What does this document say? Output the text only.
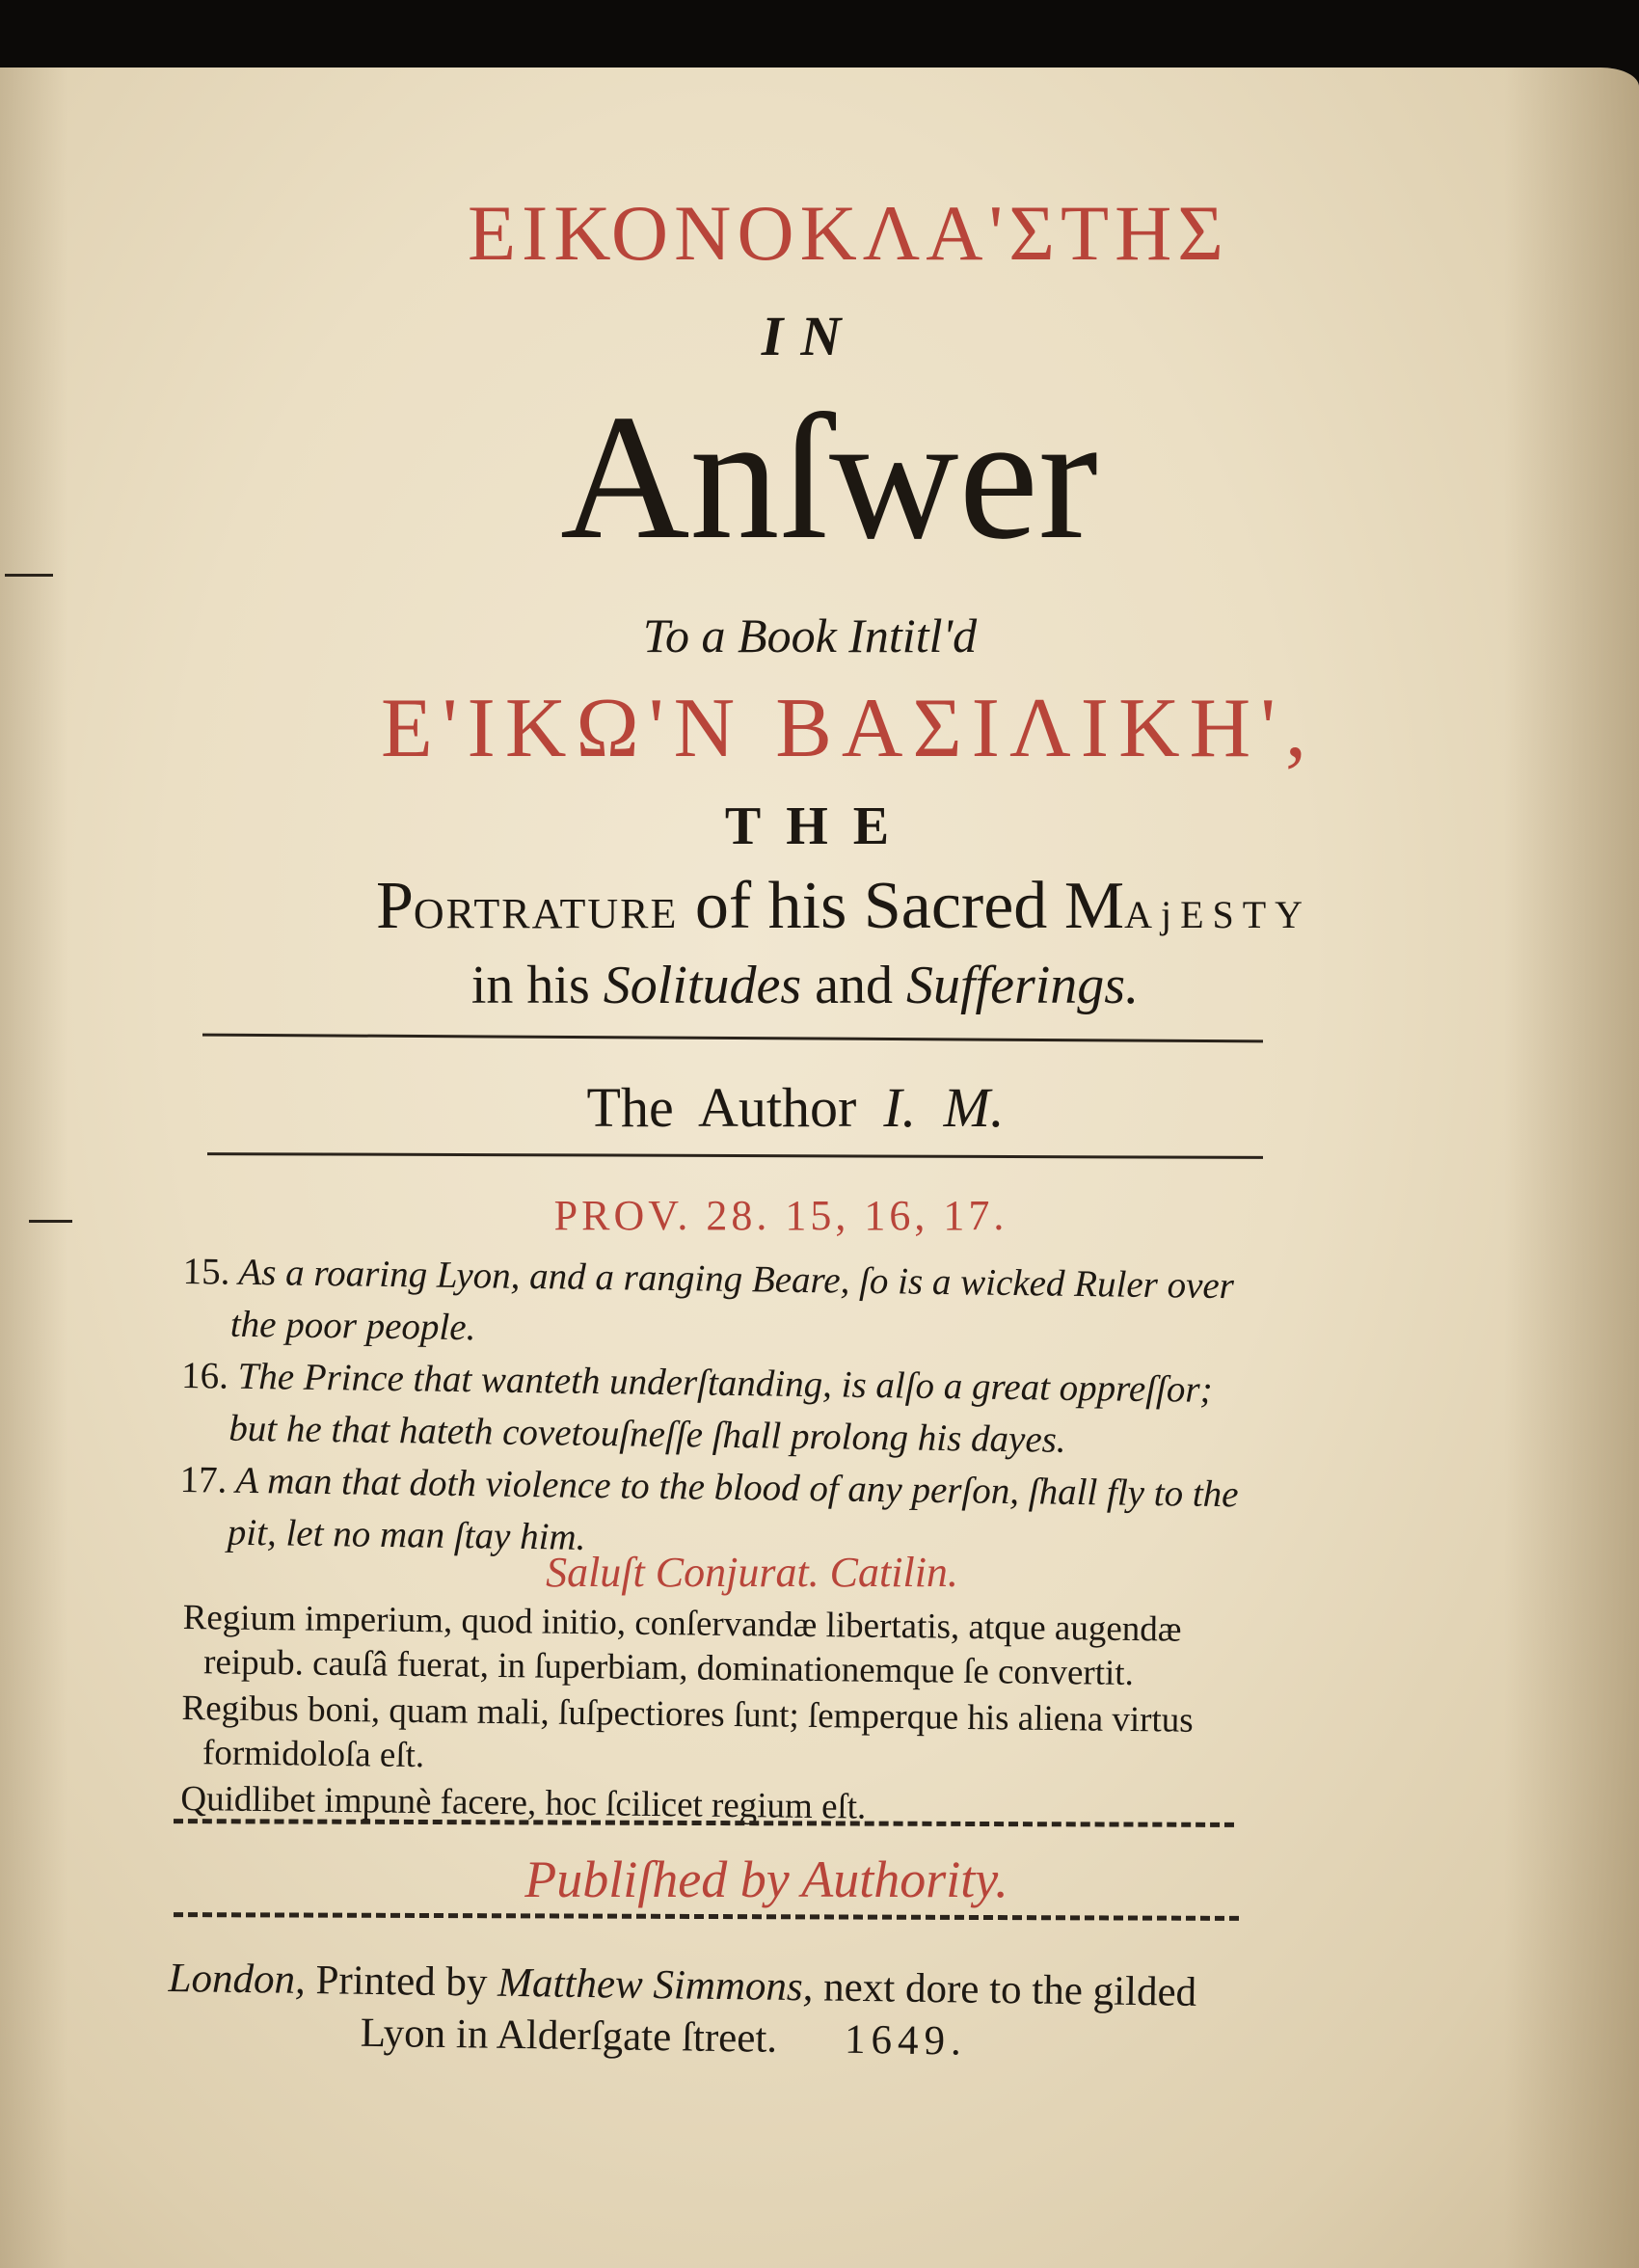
ΕΙΚΟΝΟΚΛΑ'ΣΤΗΣ
IN
Anſwer
To a Book Intitl'd
Ε'ΙΚΩ'Ν ΒΑΣΙΛΙΚΗ',
THE
PORTRATURE of his Sacred MAjESTY
in his Solitudes and Sufferings.
The Author I. M.
PROV. 28. 15, 16, 17.

15. As a roaring Lyon, and a ranging Beare, ſo is a wicked Ruler over the poor people.

16. The Prince that wanteth underſtanding, is alſo a great oppreſſor; but he that hateth covetouſneſſe ſhall prolong his dayes.

17. A man that doth violence to the blood of any perſon, ſhall fly to the pit, let no man ſtay him.

Saluſt Conjurat. Catilin.

Regium imperium, quod initio, conſervandæ libertatis, atque augendæ reipub. cauſâ fuerat, in ſuperbiam, dominationemque ſe convertit.

Regibus boni, quam mali, ſuſpectiores ſunt; ſemperque his aliena virtus formidoloſa eſt.

Quidlibet impunè facere, hoc ſcilicet regium eſt.

Publiſhed by Authority.
London, Printed by Matthew Simmons, next dore to the gilded
Lyon in Alderſgate ſtreet. 1649.
